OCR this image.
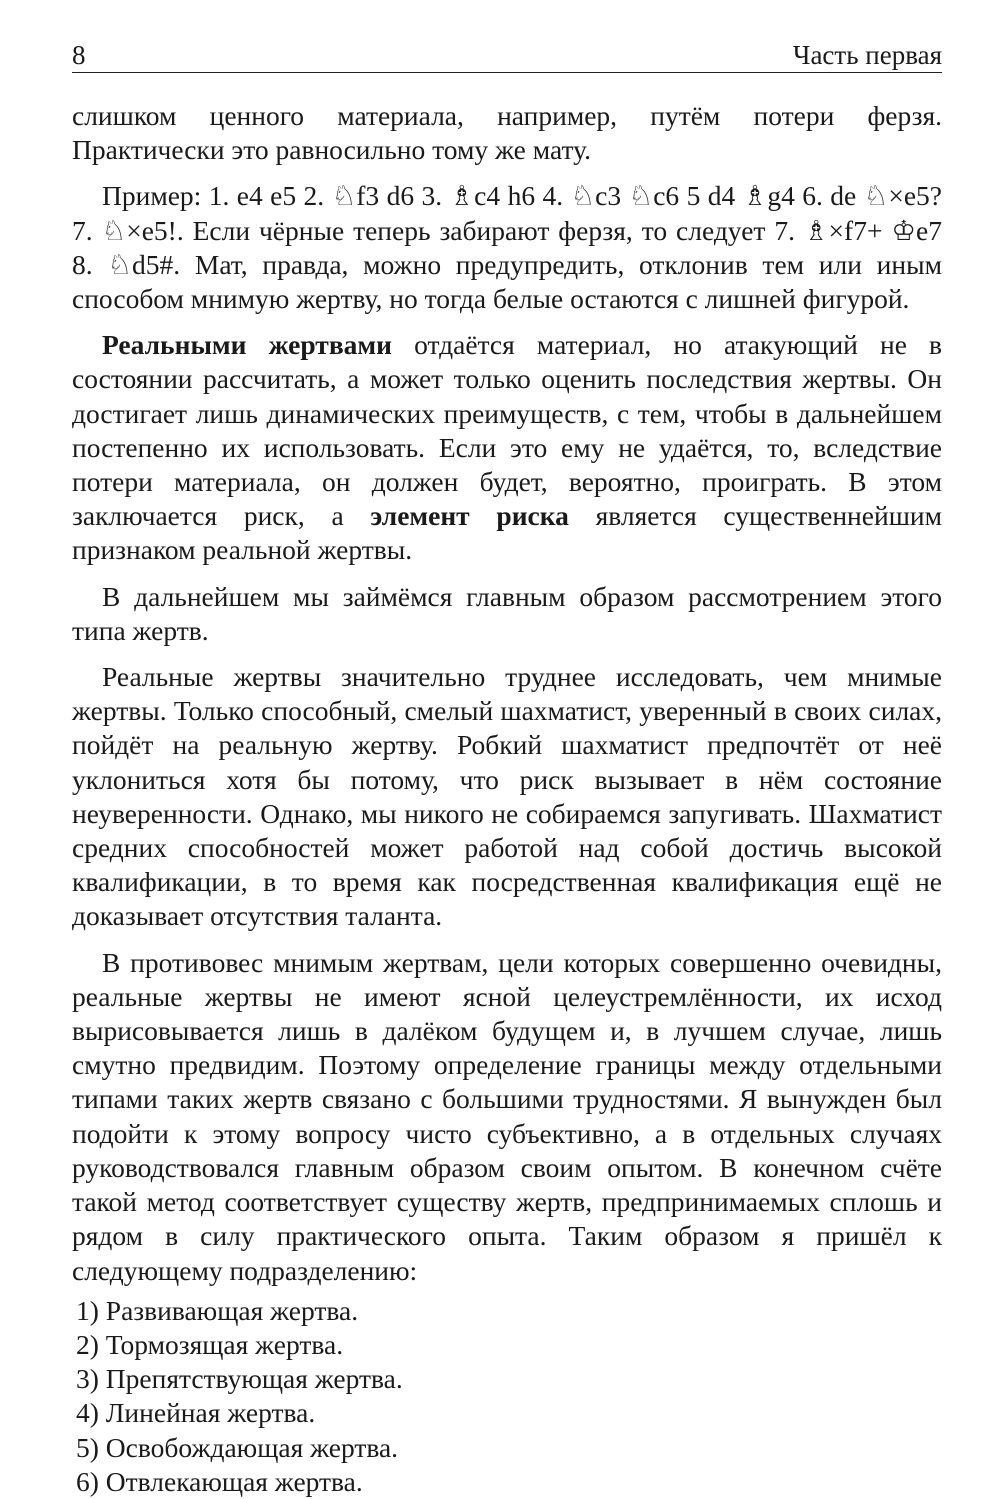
8	Часть первая

слишком ценного материала, например, путём потери ферзя. Практически это равносильно тому же мату.

Пример: 1. e4 e5 2. ♘f3 d6 3. ♗c4 h6 4. ♘c3 ♘c6 5 d4 ♗g4 6. de ♘×e5? 7. ♘×e5!. Если чёрные теперь забирают ферзя, то следует 7. ♗×f7+ ♔e7 8. ♘d5#. Мат, правда, можно предупредить, отклонив тем или иным способом мнимую жертву, но тогда белые остаются с лишней фигурой.

Реальными жертвами отдаётся материал, но атакующий не в состоянии рассчитать, а может только оценить последствия жертвы. Он достигает лишь динамических преимуществ, с тем, чтобы в дальнейшем постепенно их использовать. Если это ему не удаётся, то, вследствие потери материала, он должен будет, вероятно, проиграть. В этом заключается риск, а элемент риска является существеннейшим признаком реальной жертвы.

В дальнейшем мы займёмся главным образом рассмотрением этого типа жертв.

Реальные жертвы значительно труднее исследовать, чем мнимые жертвы. Только способный, смелый шахматист, уверенный в своих силах, пойдёт на реальную жертву. Робкий шахматист предпочтёт от неё уклониться хотя бы потому, что риск вызывает в нём состояние неуверенности. Однако, мы никого не собираемся запугивать. Шахматист средних способностей может работой над собой достичь высокой квалификации, в то время как посредственная квалификация ещё не доказывает отсутствия таланта.

В противовес мнимым жертвам, цели которых совершенно очевидны, реальные жертвы не имеют ясной целеустремлённости, их исход вырисовывается лишь в далёком будущем и, в лучшем случае, лишь смутно предвидим. Поэтому определение границы между отдельными типами таких жертв связано с большими трудностями. Я вынужден был подойти к этому вопросу чисто субъективно, а в отдельных случаях руководствовался главным образом своим опытом. В конечном счёте такой метод соответствует существу жертв, предпринимаемых сплошь и рядом в силу практического опыта. Таким образом я пришёл к следующему подразделению:

1) Развивающая жертва.

2) Тормозящая жертва.

3) Препятствующая жертва.

4) Линейная жертва.

5) Освобождающая жертва.

6) Отвлекающая жертва.
